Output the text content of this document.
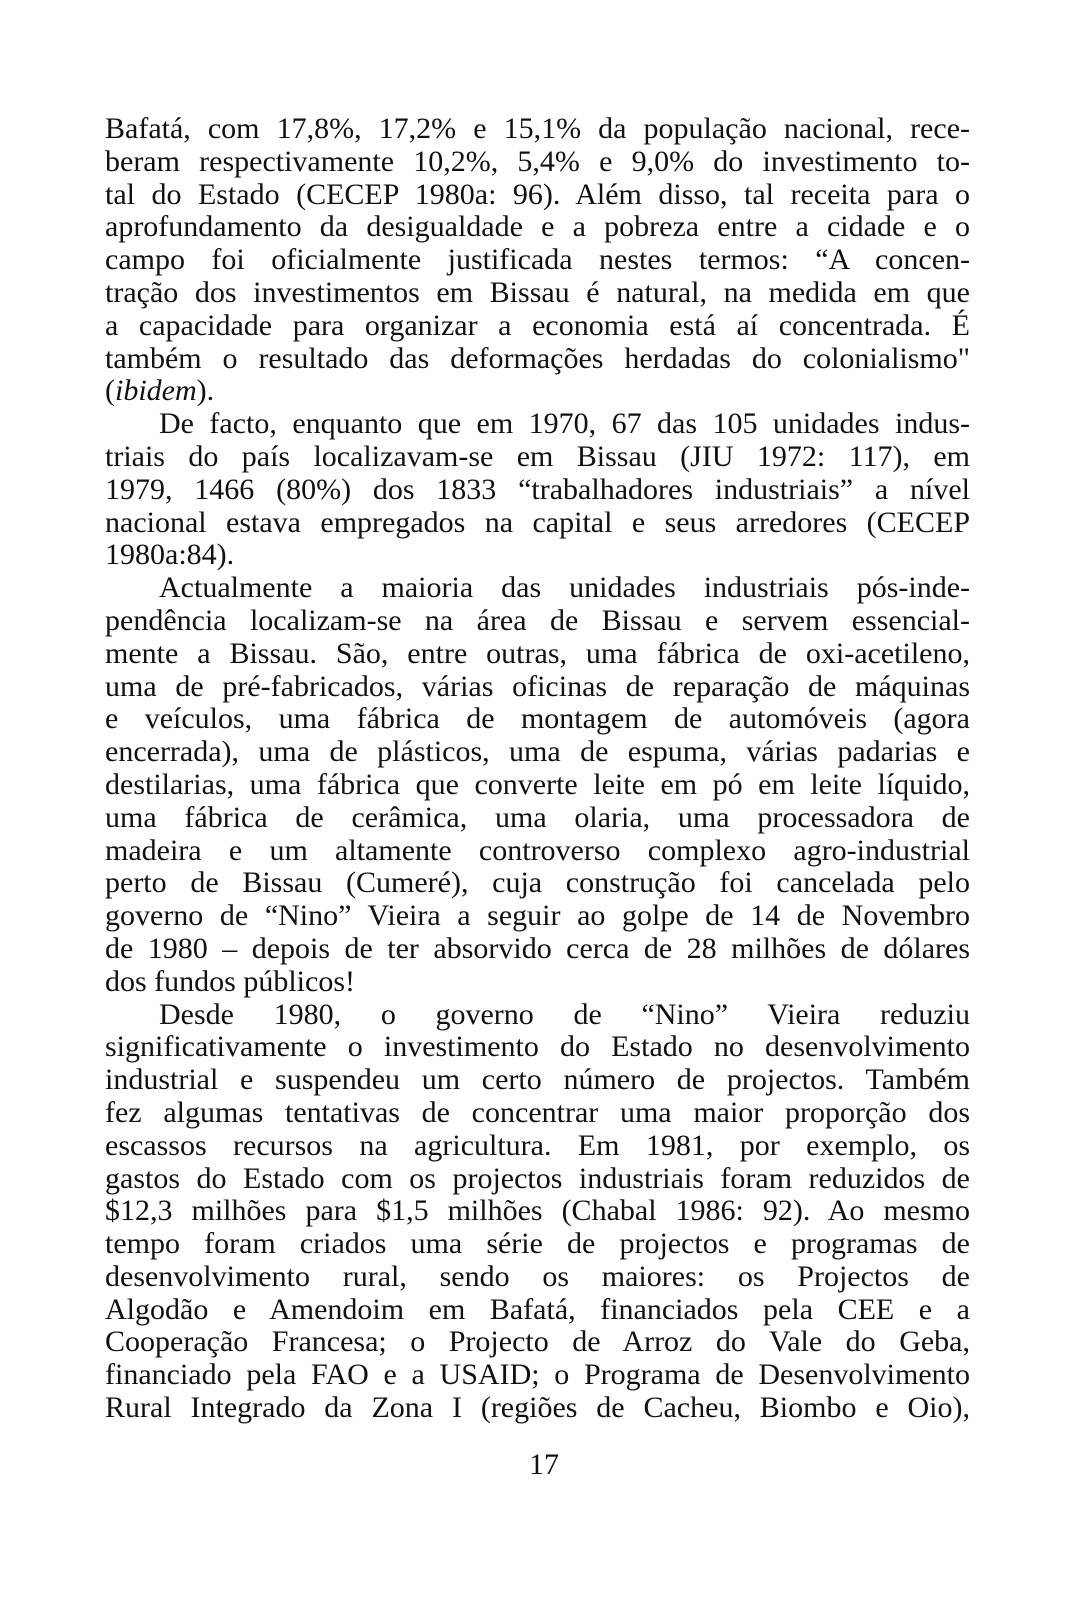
Bafatá, com 17,8%, 17,2% e 15,1% da população nacional, rece-
beram respectivamente 10,2%, 5,4% e 9,0% do investimento to-
tal do Estado (CECEP 1980a: 96). Além disso, tal receita para o
aprofundamento da desigualdade e a pobreza entre a cidade e o
campo foi oficialmente justificada nestes termos: “A concen-
tração dos investimentos em Bissau é natural, na medida em que
a capacidade para organizar a economia está aí concentrada. É
também o resultado das deformações herdadas do colonialismo"
(ibidem).
De facto, enquanto que em 1970, 67 das 105 unidades indus-
triais do país localizavam-se em Bissau (JIU 1972: 117), em
1979, 1466 (80%) dos 1833 “trabalhadores industriais” a nível
nacional estava empregados na capital e seus arredores (CECEP
1980a:84).
Actualmente a maioria das unidades industriais pós-inde-
pendência localizam-se na área de Bissau e servem essencial-
mente a Bissau. São, entre outras, uma fábrica de oxi-acetileno,
uma de pré-fabricados, várias oficinas de reparação de máquinas
e veículos, uma fábrica de montagem de automóveis (agora
encerrada), uma de plásticos, uma de espuma, várias padarias e
destilarias, uma fábrica que converte leite em pó em leite líquido,
uma fábrica de cerâmica, uma olaria, uma processadora de
madeira e um altamente controverso complexo agro-industrial
perto de Bissau (Cumeré), cuja construção foi cancelada pelo
governo de “Nino” Vieira a seguir ao golpe de 14 de Novembro
de 1980 – depois de ter absorvido cerca de 28 milhões de dólares
dos fundos públicos!
Desde 1980, o governo de “Nino” Vieira reduziu
significativamente o investimento do Estado no desenvolvimento
industrial e suspendeu um certo número de projectos. Também
fez algumas tentativas de concentrar uma maior proporção dos
escassos recursos na agricultura. Em 1981, por exemplo, os
gastos do Estado com os projectos industriais foram reduzidos de
$12,3 milhões para $1,5 milhões (Chabal 1986: 92). Ao mesmo
tempo foram criados uma série de projectos e programas de
desenvolvimento rural, sendo os maiores: os Projectos de
Algodão e Amendoim em Bafatá, financiados pela CEE e a
Cooperação Francesa; o Projecto de Arroz do Vale do Geba,
financiado pela FAO e a USAID; o Programa de Desenvolvimento
Rural Integrado da Zona I (regiões de Cacheu, Biombo e Oio),
17
